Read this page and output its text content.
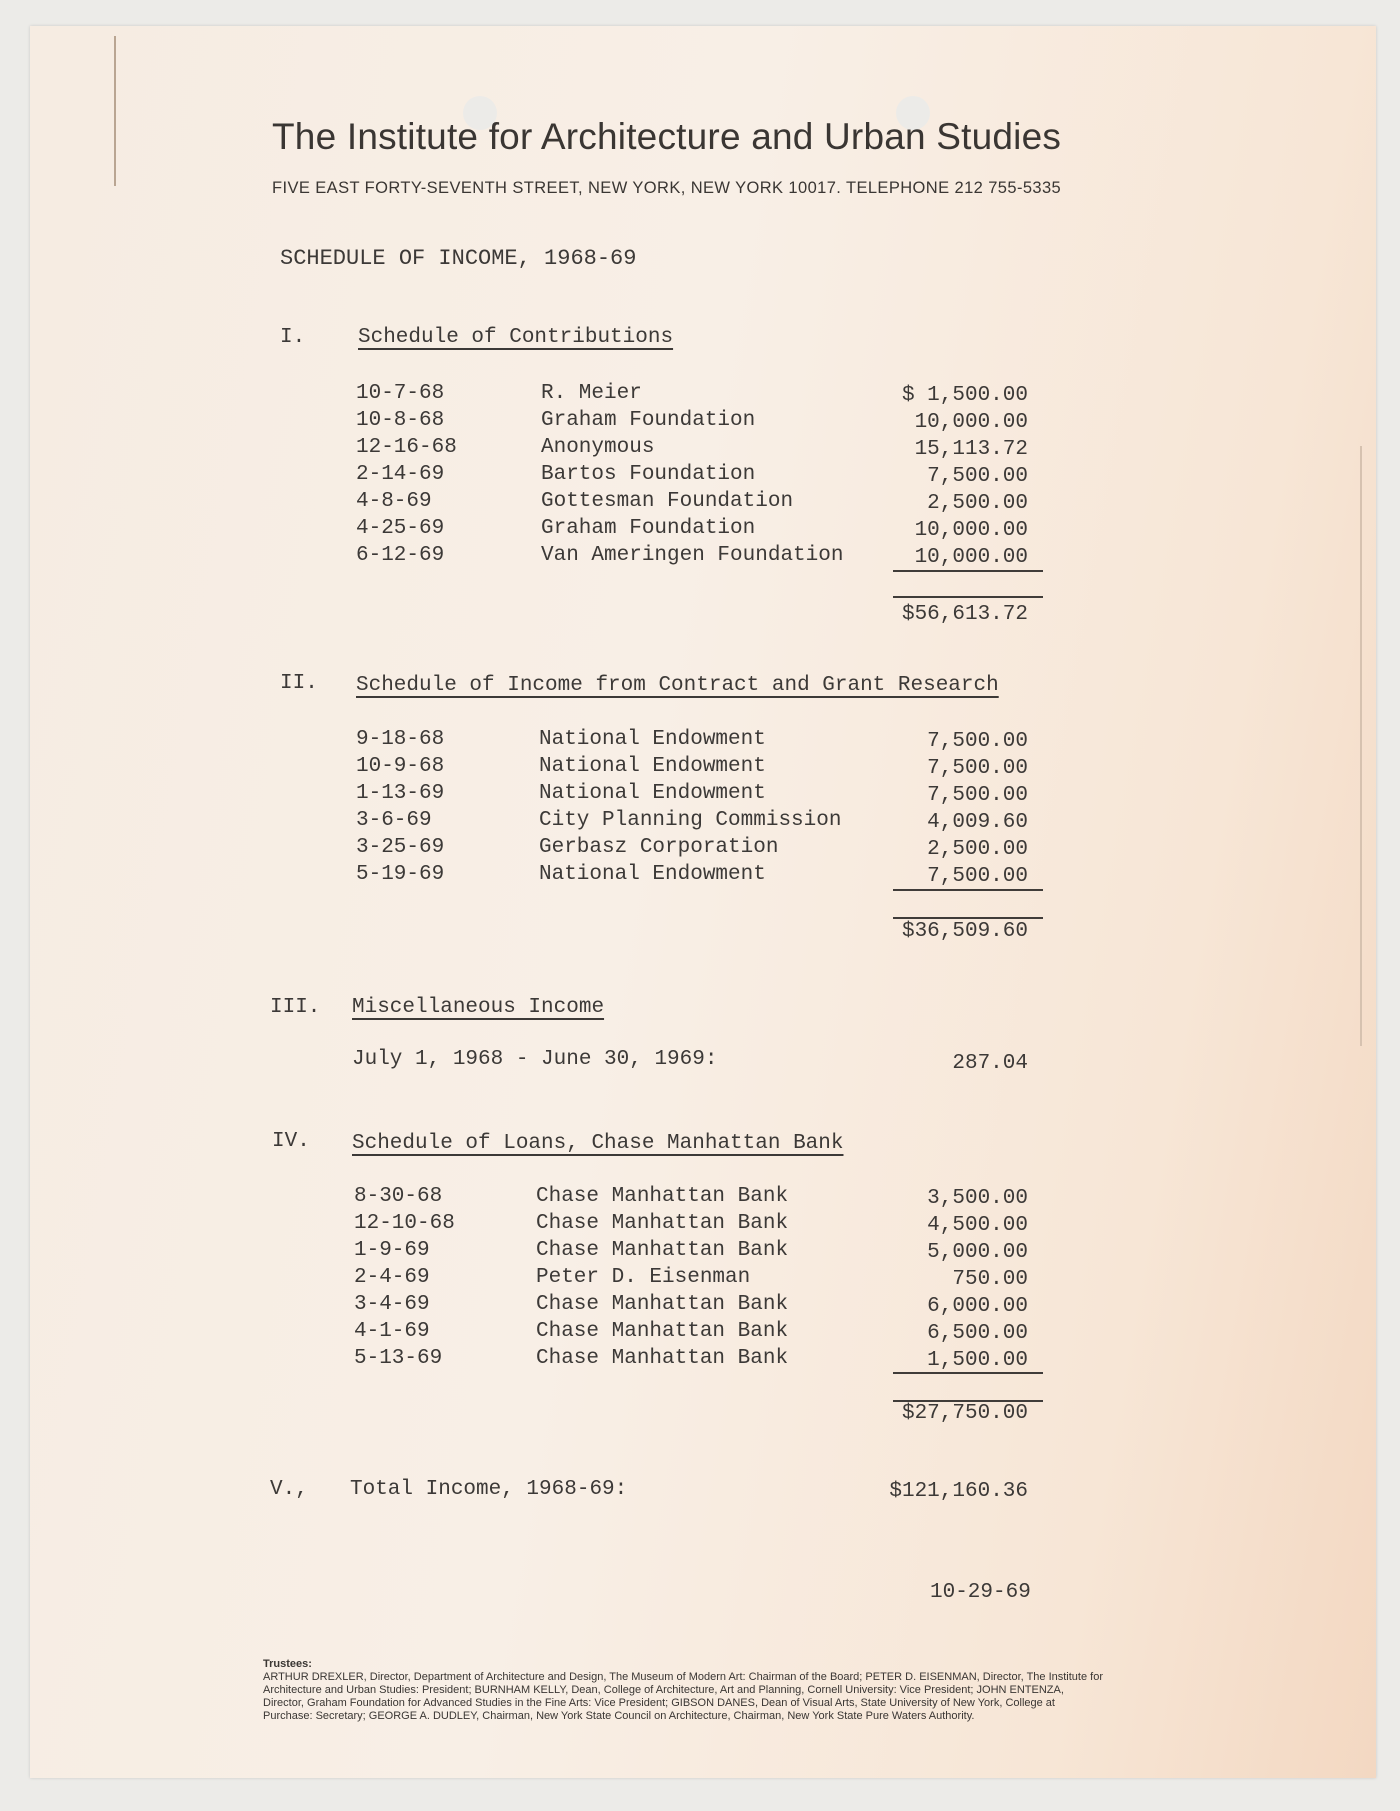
The Institute for Architecture and Urban Studies
FIVE EAST FORTY-SEVENTH STREET, NEW YORK, NEW YORK 10017. TELEPHONE 212 755-5335
SCHEDULE OF INCOME, 1968-69
I.	Schedule of Contributions
10-7-68	R. Meier	$ 1,500.00
10-8-68	Graham Foundation	10,000.00
12-16-68	Anonymous	15,113.72
2-14-69	Bartos Foundation	7,500.00
4-8-69	Gottesman Foundation	2,500.00
4-25-69	Graham Foundation	10,000.00
6-12-69	Van Ameringen Foundation	10,000.00
$56,613.72
II. Schedule of Income from Contract and Grant Research
9-18-68	National Endowment	7,500.00
10-9-68	National Endowment	7,500.00
1-13-69	National Endowment	7,500.00
3-6-69	City Planning Commission	4,009.60
3-25-69	Gerbasz Corporation	2,500.00
5-19-69	National Endowment	7,500.00
$36,509.60
III. Miscellaneous Income
July 1, 1968 - June 30, 1969:	287.04
IV. Schedule of Loans, Chase Manhattan Bank
8-30-68	Chase Manhattan Bank	3,500.00
12-10-68	Chase Manhattan Bank	4,500.00
1-9-69	Chase Manhattan Bank	5,000.00
2-4-69	Peter D. Eisenman	750.00
3-4-69	Chase Manhattan Bank	6,000.00
4-1-69	Chase Manhattan Bank	6,500.00
5-13-69	Chase Manhattan Bank	1,500.00
$27,750.00
V., Total Income, 1968-69:	$121,160.36
10-29-69
Trustees:
ARTHUR DREXLER, Director, Department of Architecture and Design, The Museum of Modern Art: Chairman of the Board; PETER D. EISENMAN, Director, The Institute for Architecture and Urban Studies: President; BURNHAM KELLY, Dean, College of Architecture, Art and Planning, Cornell University: Vice President; JOHN ENTENZA, Director, Graham Foundation for Advanced Studies in the Fine Arts: Vice President; GIBSON DANES, Dean of Visual Arts, State University of New York, College at Purchase: Secretary; GEORGE A. DUDLEY, Chairman, New York State Council on Architecture, Chairman, New York State Pure Waters Authority.
